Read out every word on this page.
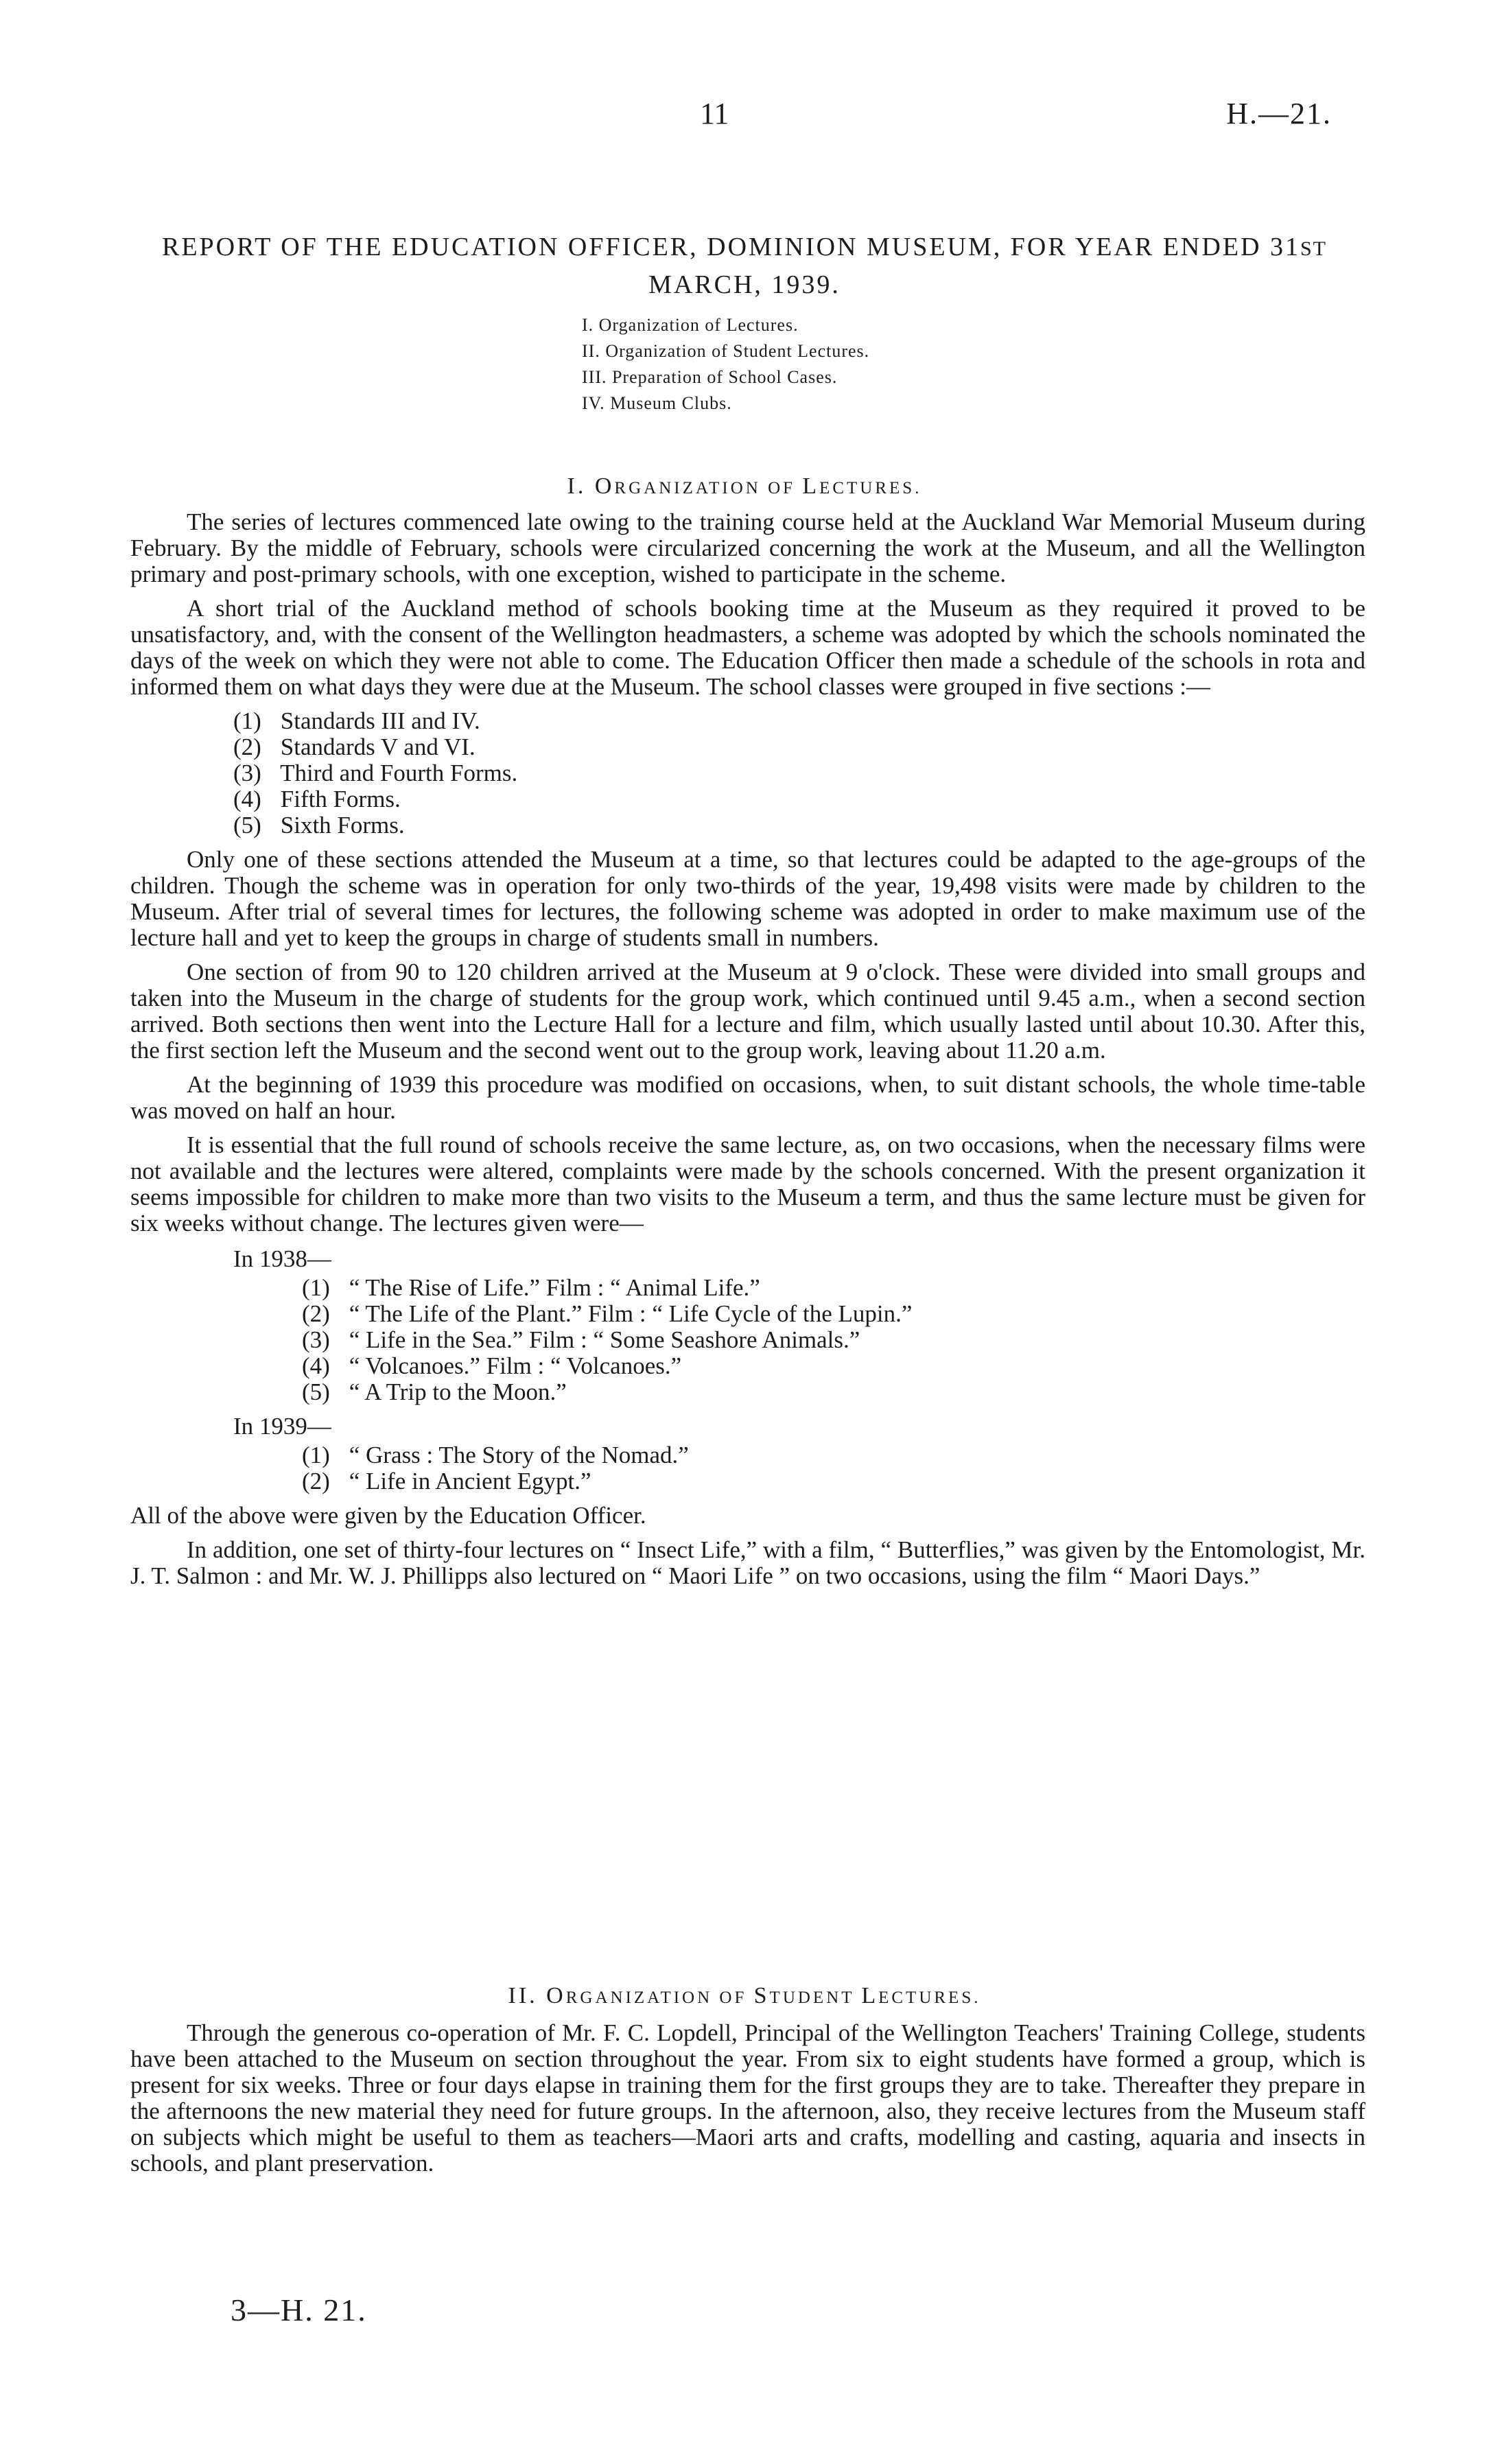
11	H.—21.
REPORT OF THE EDUCATION OFFICER, DOMINION MUSEUM, FOR YEAR ENDED 31ST
MARCH, 1939.
I. Organization of Lectures.
II. Organization of Student Lectures.
III. Preparation of School Cases.
IV. Museum Clubs.
I. ORGANIZATION OF LECTURES.

The series of lectures commenced late owing to the training course held at the Auckland War Memorial Museum during February. By the middle of February, schools were circularized concerning the work at the Museum, and all the Wellington primary and post-primary schools, with one exception, wished to participate in the scheme.

A short trial of the Auckland method of schools booking time at the Museum as they required it proved to be unsatisfactory, and, with the consent of the Wellington headmasters, a scheme was adopted by which the schools nominated the days of the week on which they were not able to come. The Education Officer then made a schedule of the schools in rota and informed them on what days they were due at the Museum. The school classes were grouped in five sections :—

(1) Standards III and IV.
(2) Standards V and VI.
(3) Third and Fourth Forms.
(4) Fifth Forms.
(5) Sixth Forms.

Only one of these sections attended the Museum at a time, so that lectures could be adapted to the age-groups of the children. Though the scheme was in operation for only two-thirds of the year, 19,498 visits were made by children to the Museum. After trial of several times for lectures, the following scheme was adopted in order to make maximum use of the lecture hall and yet to keep the groups in charge of students small in numbers.

One section of from 90 to 120 children arrived at the Museum at 9 o'clock. These were divided into small groups and taken into the Museum in the charge of students for the group work, which continued until 9.45 a.m., when a second section arrived. Both sections then went into the Lecture Hall for a lecture and film, which usually lasted until about 10.30. After this, the first section left the Museum and the second went out to the group work, leaving about 11.20 a.m.

At the beginning of 1939 this procedure was modified on occasions, when, to suit distant schools, the whole time-table was moved on half an hour.

It is essential that the full round of schools receive the same lecture, as, on two occasions, when the necessary films were not available and the lectures were altered, complaints were made by the schools concerned. With the present organization it seems impossible for children to make more than two visits to the Museum a term, and thus the same lecture must be given for six weeks without change. The lectures given were—

In 1938—
(1) “ The Rise of Life.” Film : “ Animal Life.”
(2) “ The Life of the Plant.” Film : “ Life Cycle of the Lupin.”
(3) “ Life in the Sea.” Film : “ Some Seashore Animals.”
(4) “ Volcanoes.” Film : “ Volcanoes.”
(5) “ A Trip to the Moon.”
In 1939—
(1) “ Grass : The Story of the Nomad.”
(2) “ Life in Ancient Egypt.”

All of the above were given by the Education Officer.

In addition, one set of thirty-four lectures on “ Insect Life,” with a film, “ Butterflies,” was given by the Entomologist, Mr. J. T. Salmon : and Mr. W. J. Phillipps also lectured on “ Maori Life ” on two occasions, using the film “ Maori Days.”

II. ORGANIZATION OF STUDENT LECTURES.

Through the generous co-operation of Mr. F. C. Lopdell, Principal of the Wellington Teachers' Training College, students have been attached to the Museum on section throughout the year. From six to eight students have formed a group, which is present for six weeks. Three or four days elapse in training them for the first groups they are to take. Thereafter they prepare in the afternoons the new material they need for future groups. In the afternoon, also, they receive lectures from the Museum staff on subjects which might be useful to them as teachers—Maori arts and crafts, modelling and casting, aquaria and insects in schools, and plant preservation.

3—H. 21.
